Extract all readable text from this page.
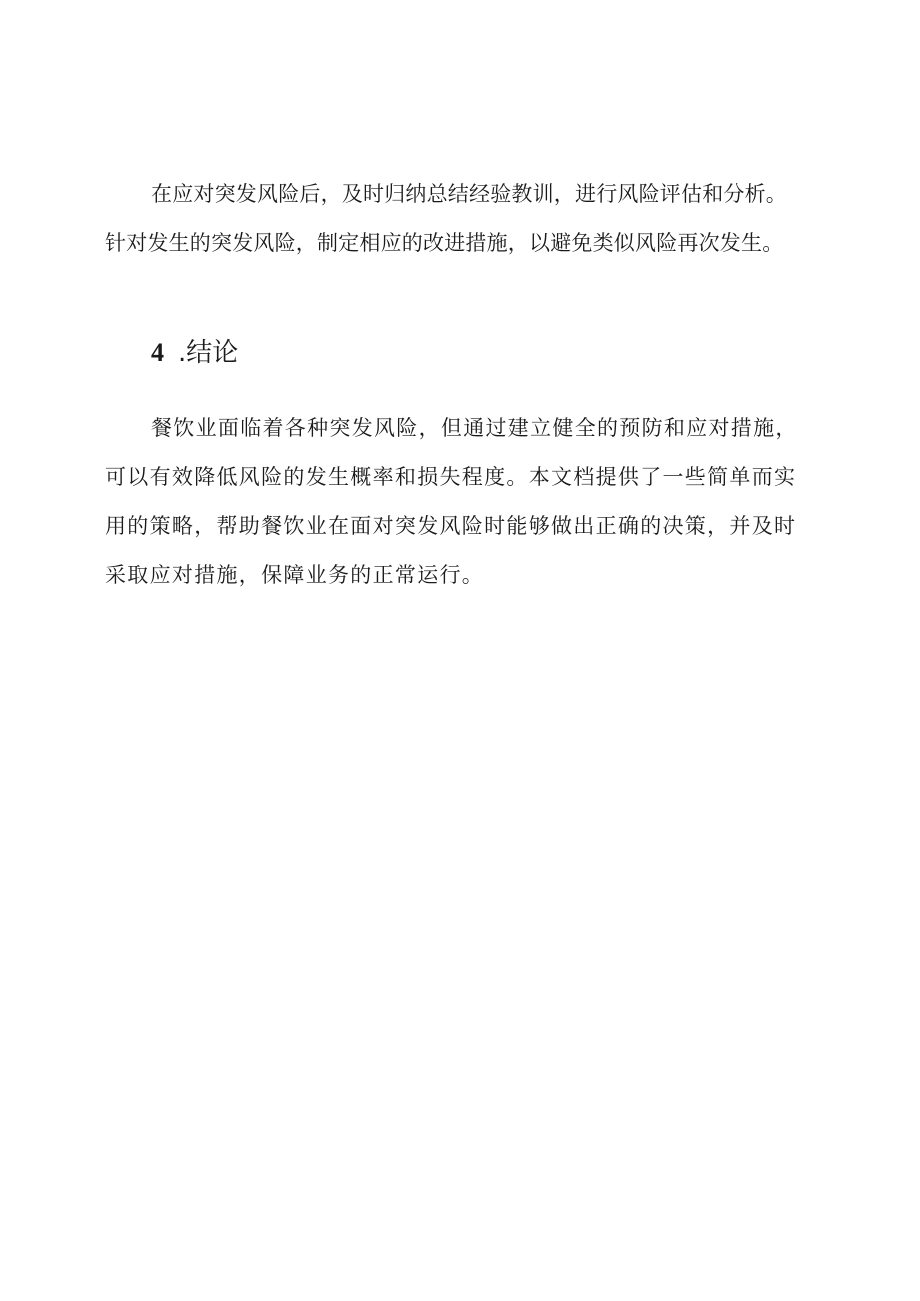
在应对突发风险后，及时归纳总结经验教训，进行风险评估和分析。
针对发生的突发风险，制定相应的改进措施，以避免类似风险再次发生。
4 .结论
餐饮业面临着各种突发风险，但通过建立健全的预防和应对措施，
可以有效降低风险的发生概率和损失程度。本文档提供了一些简单而实
用的策略，帮助餐饮业在面对突发风险时能够做出正确的决策，并及时
采取应对措施，保障业务的正常运行。
